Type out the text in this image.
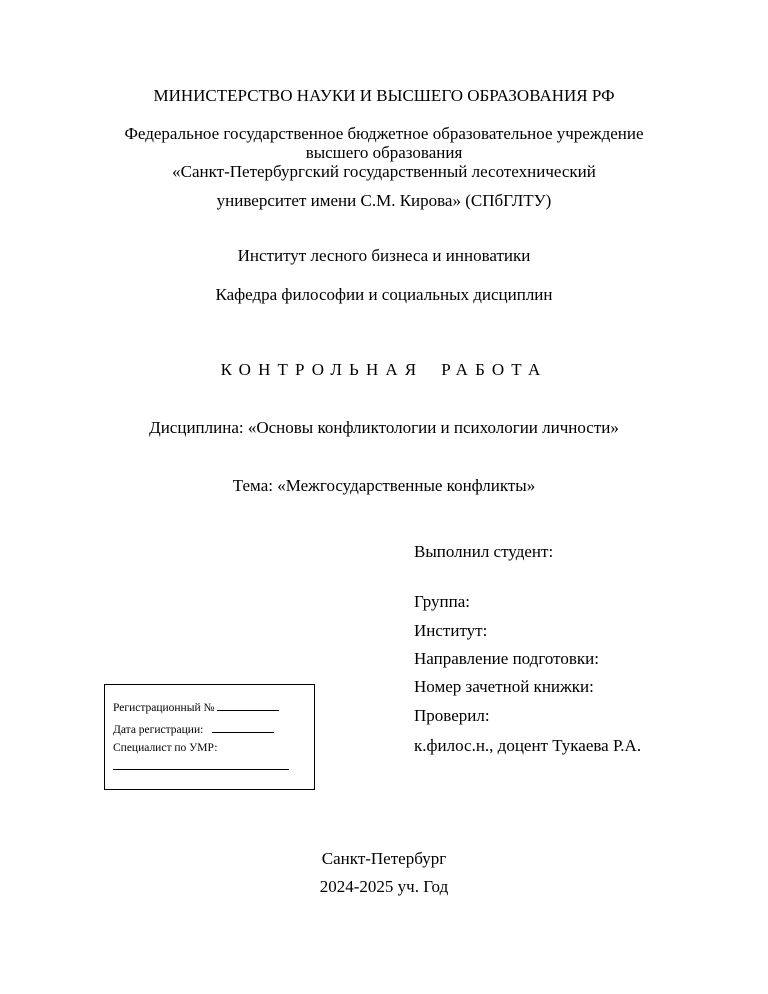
МИНИСТЕРСТВО НАУКИ И ВЫСШЕГО ОБРАЗОВАНИЯ РФ
Федеральное государственное бюджетное образовательное учреждение
высшего образования
«Санкт-Петербургский государственный лесотехнический
университет имени С.М. Кирова» (СПбГЛТУ)
Институт лесного бизнеса и инноватики
Кафедра философии и социальных дисциплин
КОНТРОЛЬНАЯ РАБОТА
Дисциплина: «Основы конфликтологии и психологии личности»
Тема: «Межгосударственные конфликты»
Выполнил студент:
Группа:
Институт:
Направление подготовки:
Номер зачетной книжки:
Проверил:
к.филос.н., доцент Тукаева Р.А.
Регистрационный №
Дата регистрации:
Специалист по УМР:
Санкт-Петербург
2024-2025 уч. Год
